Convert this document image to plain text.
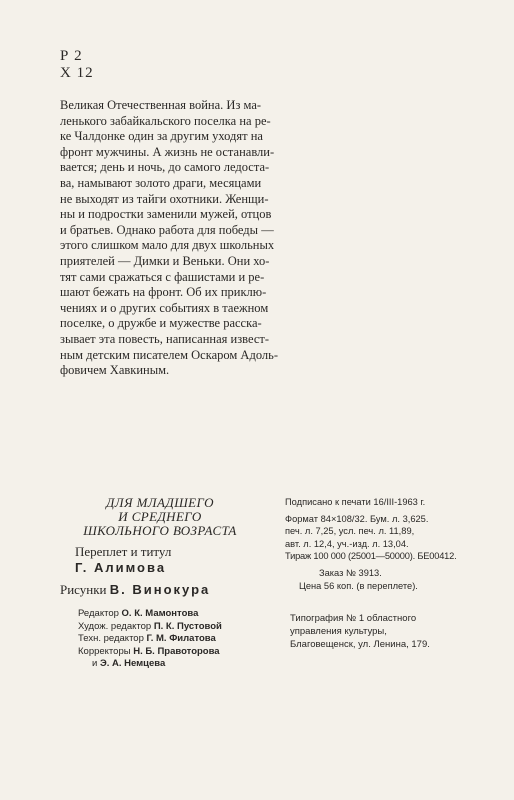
Р 2
Х 12
Великая Отечественная война. Из ма-
ленького забайкальского поселка на ре-
ке Чалдонке один за другим уходят на
фронт мужчины. А жизнь не останавли-
вается; день и ночь, до самого ледоста-
ва, намывают золото драги, месяцами
не выходят из тайги охотники. Женщи-
ны и подростки заменили мужей, отцов
и братьев. Однако работа для победы —
этого слишком мало для двух школьных
приятелей — Димки и Веньки. Они хо-
тят сами сражаться с фашистами и ре-
шают бежать на фронт. Об их приклю-
чениях и о других событиях в таежном
поселке, о дружбе и мужестве расска-
зывает эта повесть, написанная извест-
ным детским писателем Оскаром Адоль-
фовичем Хавкиным.
ДЛЯ МЛАДШЕГО
И СРЕДНЕГО
ШКОЛЬНОГО ВОЗРАСТА
Переплет и титул
Г. Алимова
Рисунки В. Винокура
Редактор О. К. Мамонтова
Худож. редактор П. К. Пустовой
Техн. редактор Г. М. Филатова
Корректоры Н. Б. Правоторова
и Э. А. Немцева
Подписано к печати 16/III-1963 г.
Формат 84×108/32. Бум. л. 3,625.
печ. л. 7,25, усл. печ. л. 11,89,
авт. л. 12,4, уч.-изд. л. 13,04.
Тираж 100 000 (25001—50000). БЕ00412.
Заказ № 3913.
Цена 56 коп. (в переплете).
Типография № 1 областного
управления культуры,
Благовещенск, ул. Ленина, 179.
